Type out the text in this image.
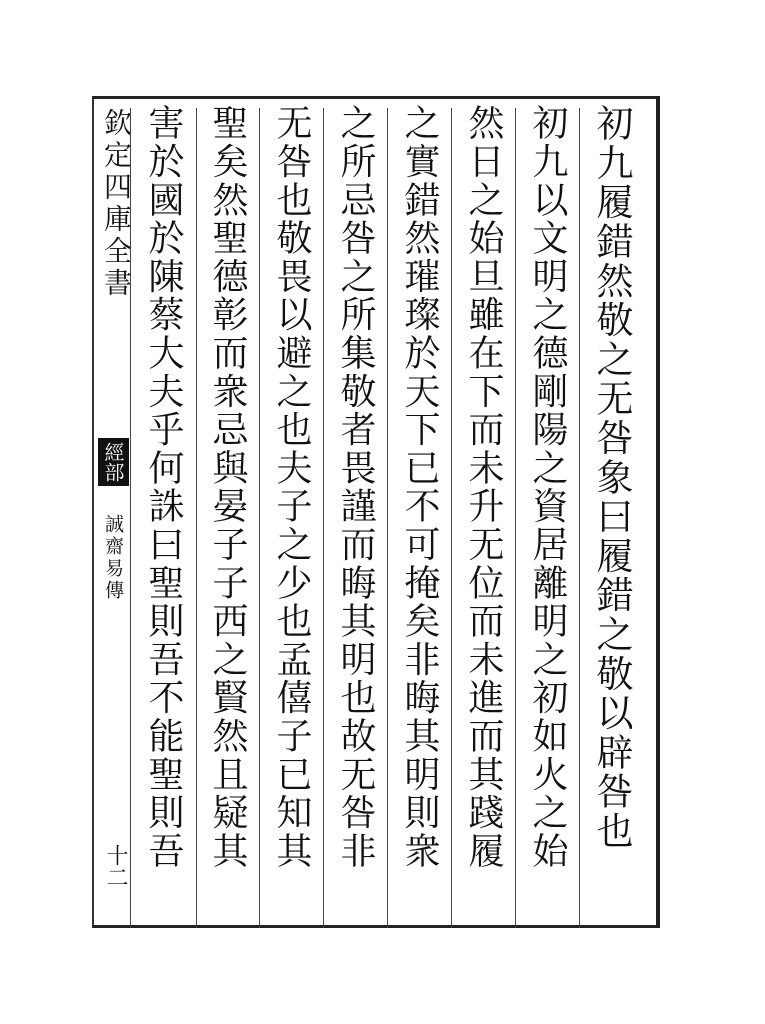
欽定四庫全書
經部
誠齋易傳
十二
初九履錯然敬之无咎象曰履錯之敬以辟咎也
初九以文明之德剛陽之資居離明之初如火之始
然日之始旦雖在下而未升无位而未進而其踐履
之實錯然璀璨於天下已不可掩矣非晦其明則衆
之所忌咎之所集敬者畏謹而晦其明也故无咎非
无咎也敬畏以避之也夫子之少也孟僖子已知其
聖矣然聖德彰而衆忌與晏子子西之賢然且疑其
害於國於陳蔡大夫乎何誅曰聖則吾不能聖則吾
